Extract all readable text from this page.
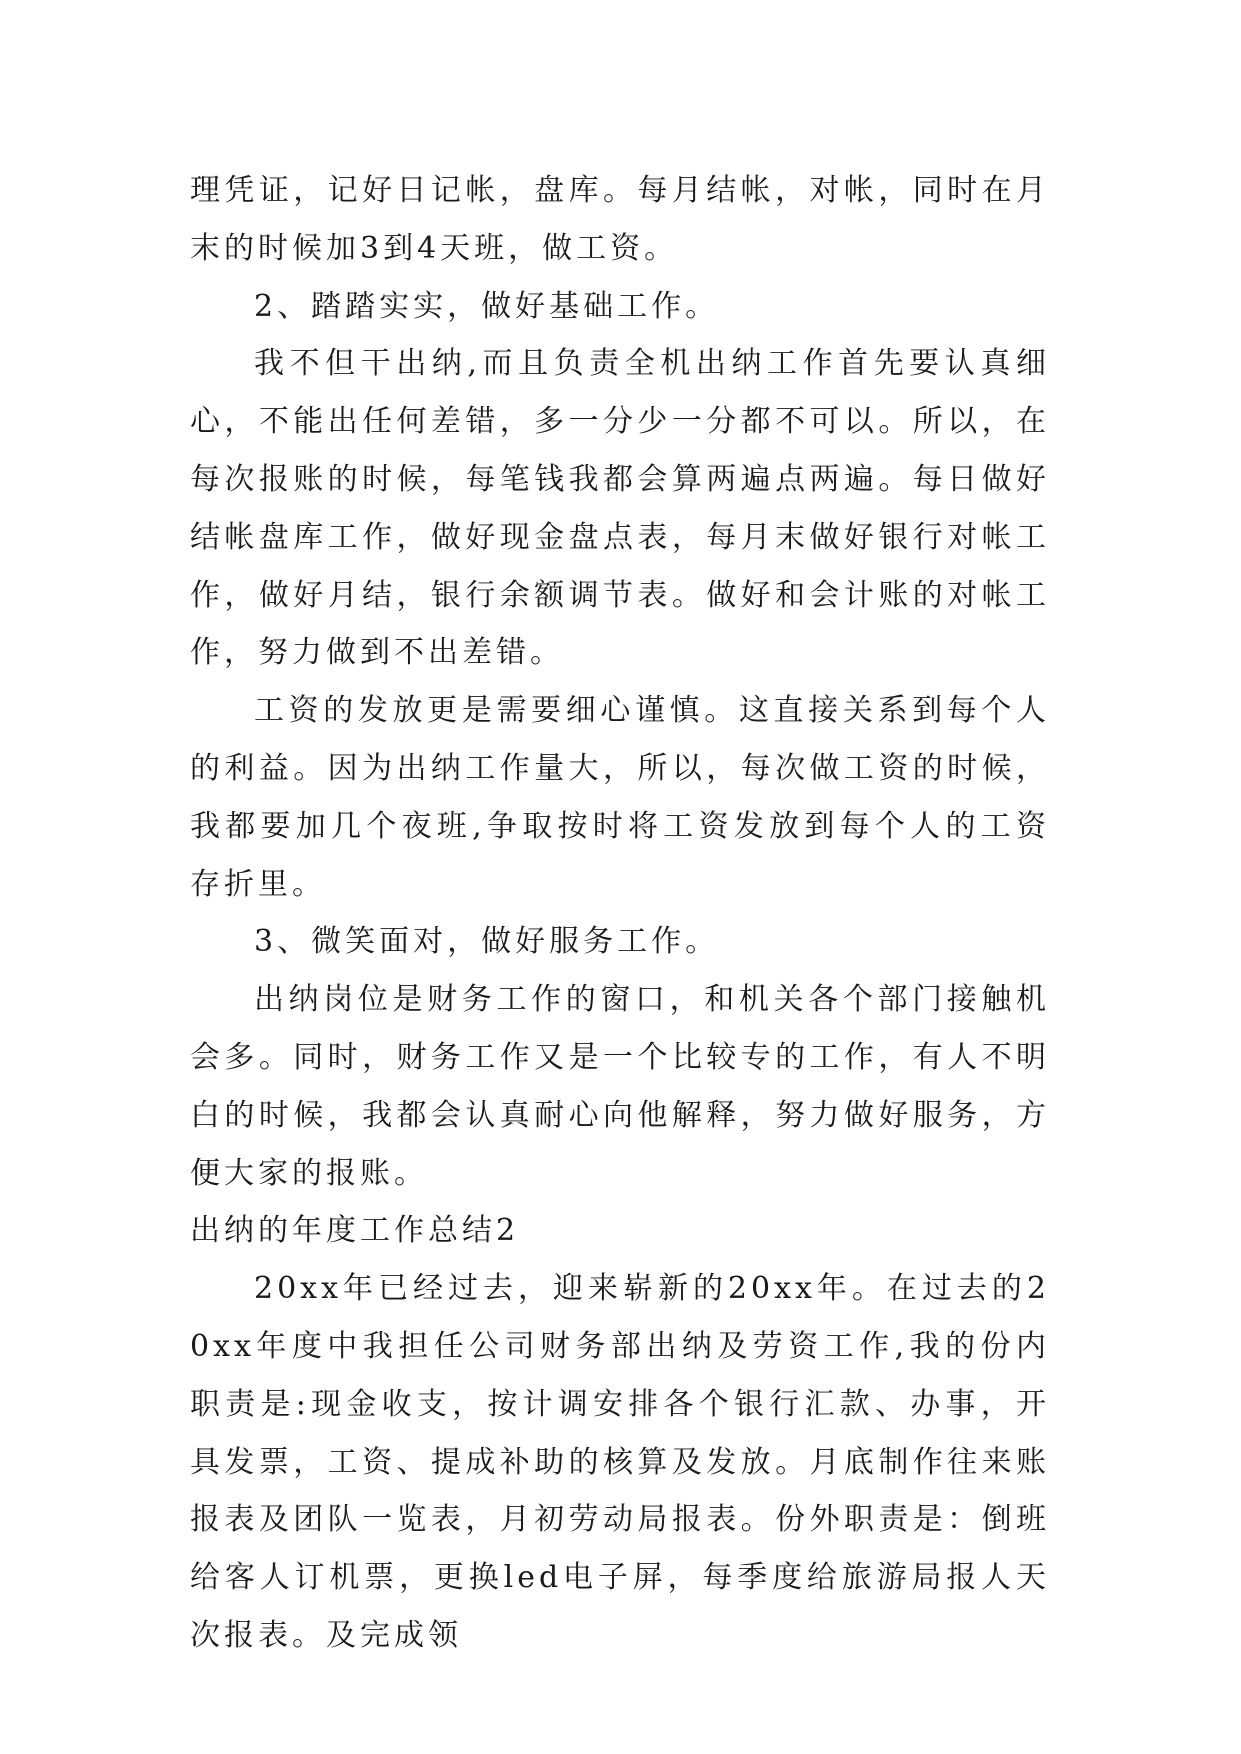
理凭证，记好日记帐，盘库。每月结帐，对帐，同时在月末的时候加3到4天班，做工资。

2、踏踏实实，做好基础工作。

我不但干出纳,而且负责全机出纳工作首先要认真细心，不能出任何差错，多一分少一分都不可以。所以，在每次报账的时候，每笔钱我都会算两遍点两遍。每日做好结帐盘库工作，做好现金盘点表，每月末做好银行对帐工作，做好月结，银行余额调节表。做好和会计账的对帐工作，努力做到不出差错。

工资的发放更是需要细心谨慎。这直接关系到每个人的利益。因为出纳工作量大，所以，每次做工资的时候，我都要加几个夜班,争取按时将工资发放到每个人的工资存折里。

3、微笑面对，做好服务工作。

出纳岗位是财务工作的窗口，和机关各个部门接触机会多。同时，财务工作又是一个比较专的工作，有人不明白的时候，我都会认真耐心向他解释，努力做好服务，方便大家的报账。

出纳的年度工作总结2

20xx年已经过去，迎来崭新的20xx年。在过去的20xx年度中我担任公司财务部出纳及劳资工作,我的份内职责是:现金收支，按计调安排各个银行汇款、办事，开具发票，工资、提成补助的核算及发放。月底制作往来账报表及团队一览表，月初劳动局报表。份外职责是：倒班给客人订机票，更换led电子屏，每季度给旅游局报人天次报表。及完成领
